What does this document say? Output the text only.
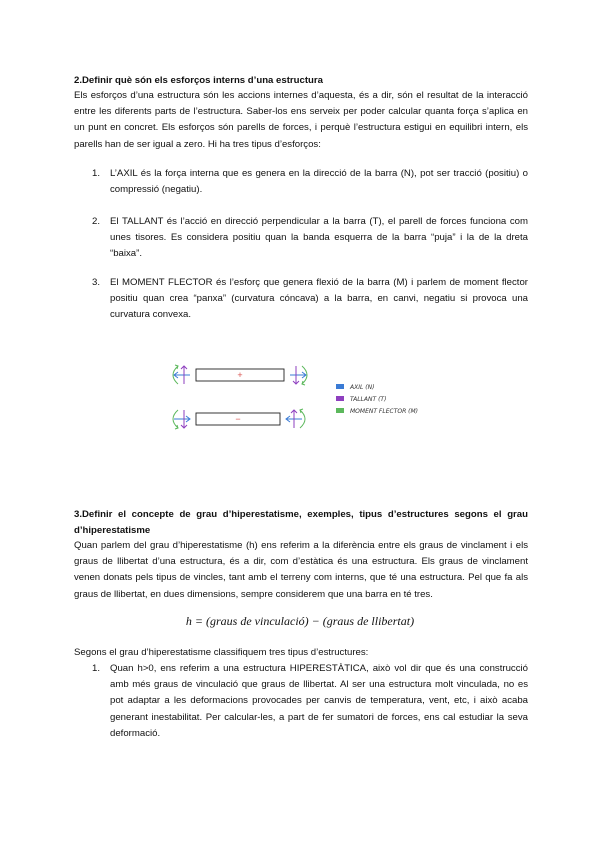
2.Definir què són els esforços interns d’una estructura
Els esforços d’una estructura són les accions internes d’aquesta, és a dir, són el resultat de la interacció entre les diferents parts de l’estructura. Saber-los ens serveix per poder calcular quanta força s’aplica en un punt en concret. Els esforços són parells de forces, i perquè l’estructura estigui en equilibri intern, els parells han de ser igual a zero. Hi ha tres tipus d’esforços:
1.	L’AXIL és la força interna que es genera en la direcció de la barra (N), pot ser tracció (positiu) o compressió (negatiu).
2.	El TALLANT és l’acció en direcció perpendicular a la barra (T), el parell de forces funciona com unes tisores. Es considera positiu quan la banda esquerra de la barra “puja” i la de la dreta “baixa”.
3.	El MOMENT FLECTOR és l’esforç que genera flexió de la barra (M) i parlem de moment flector positiu quan crea “panxa” (curvatura cóncava) a la barra, en canvi, negatiu si provoca una curvatura convexa.
+
−
AXIL (N)
TALLANT (T)
MOMENT FLECTOR (M)
3.Definir el concepte de grau d’hiperestatisme, exemples, tipus d’estructures segons el grau d’hiperestatisme
Quan parlem del grau d’hiperestatisme (h) ens referim a la diferència entre els graus de vinclament i els graus de llibertat d’una estructura, és a dir, com d’estàtica és una estructura. Els graus de vinclament venen donats pels tipus de vincles, tant amb el terreny com interns, que té una estructura. Pel que fa als graus de llibertat, en dues dimensions, sempre considerem que una barra en té tres.
h = (graus de vinculació) − (graus de llibertat)
Segons el grau d’hiperestatisme classifiquem tres tipus d’estructures:
1.	Quan h>0, ens referim a una estructura HIPERESTÀTICA, això vol dir que és una construcció amb més graus de vinculació que graus de llibertat. Al ser una estructura molt vinculada, no es pot adaptar a les deformacions provocades per canvis de temperatura, vent, etc, i això acaba generant inestabilitat. Per calcular-les, a part de fer sumatori de forces, ens cal estudiar la seva deformació.
